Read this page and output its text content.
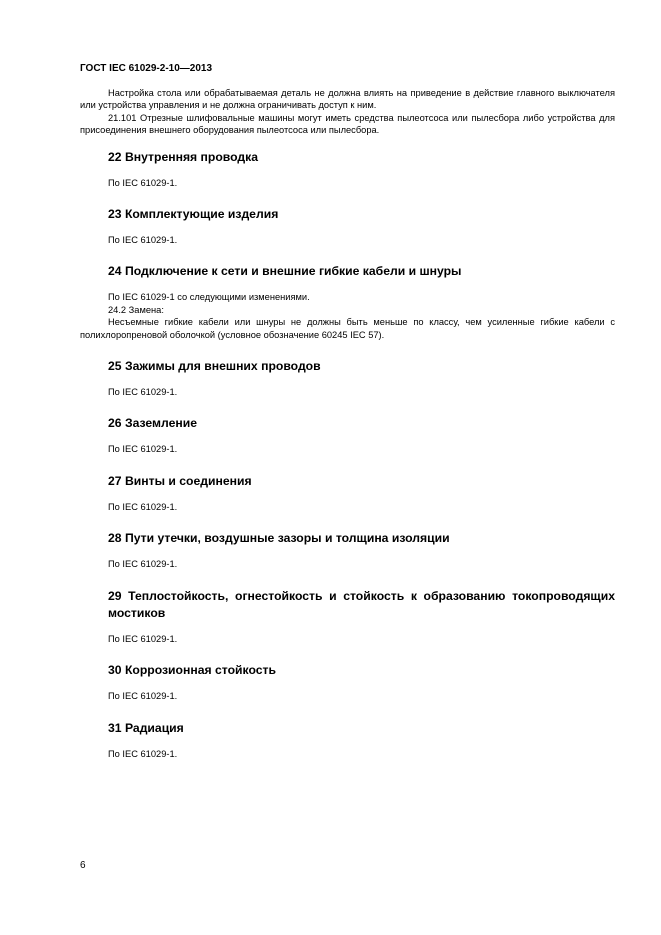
ГОСТ IEC 61029-2-10—2013

Настройка стола или обрабатываемая деталь не должна влиять на приведение в действие главного выключателя или устройства управления и не должна ограничивать доступ к ним.

21.101 Отрезные шлифовальные машины могут иметь средства пылеотсоса или пылесбора либо устройства для присоединения внешнего оборудования пылеотсоса или пылесбора.

22 Внутренняя проводка

По IEC 61029-1.

23 Комплектующие изделия

По IEC 61029-1.

24 Подключение к сети и внешние гибкие кабели и шнуры

По IEC 61029-1 со следующими изменениями.

24.2 Замена:

Несъемные гибкие кабели или шнуры не должны быть меньше по классу, чем усиленные гибкие кабели с полихлоропреновой оболочкой (условное обозначение 60245 IEC 57).

25 Зажимы для внешних проводов

По IEC 61029-1.

26 Заземление

По IEC 61029-1.

27 Винты и соединения

По IEC 61029-1.

28 Пути утечки, воздушные зазоры и толщина изоляции

По IEC 61029-1.

29 Теплостойкость, огнестойкость и стойкость к образованию токопроводящих мостиков

По IEC 61029-1.

30 Коррозионная стойкость

По IEC 61029-1.

31 Радиация

По IEC 61029-1.

6
